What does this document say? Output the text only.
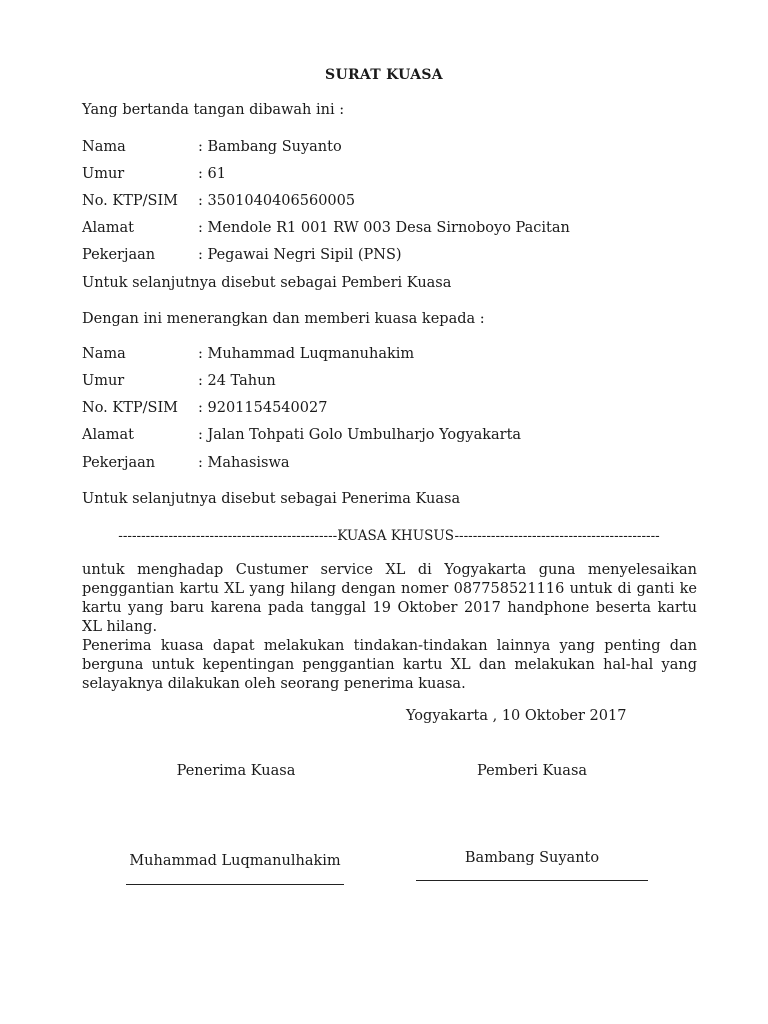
SURAT KUASA
Yang bertanda tangan dibawah ini :
Nama	: Bambang Suyanto
Umur	: 61
No. KTP/SIM : 3501040406560005
Alamat	: Mendole R1 001 RW 003 Desa Sirnoboyo Pacitan
Pekerjaan	: Pegawai Negri Sipil (PNS)
Untuk selanjutnya disebut sebagai Pemberi Kuasa
Dengan ini menerangkan dan memberi kuasa kepada :
Nama	: Muhammad Luqmanuhakim
Umur	: 24 Tahun
No. KTP/SIM : 9201154540027
Alamat	: Jalan Tohpati Golo Umbulharjo Yogyakarta
Pekerjaan	: Mahasiswa
Untuk selanjutnya disebut sebagai Penerima Kuasa
------------------------------------------------KUASA KHUSUS---------------------------------------------

untuk menghadap Custumer service XL di Yogyakarta guna menyelesaikan penggantian kartu XL yang hilang dengan nomer 087758521116 untuk di ganti ke kartu yang baru karena pada tanggal 19 Oktober 2017 handphone beserta kartu XL hilang.

Penerima kuasa dapat melakukan tindakan-tindakan lainnya yang penting dan berguna untuk kepentingan penggantian kartu XL dan melakukan hal-hal yang selayaknya dilakukan oleh seorang penerima kuasa.

Yogyakarta , 10 Oktober 2017
Penerima Kuasa	Pemberi Kuasa
Muhammad Luqmanulhakim	Bambang Suyanto
